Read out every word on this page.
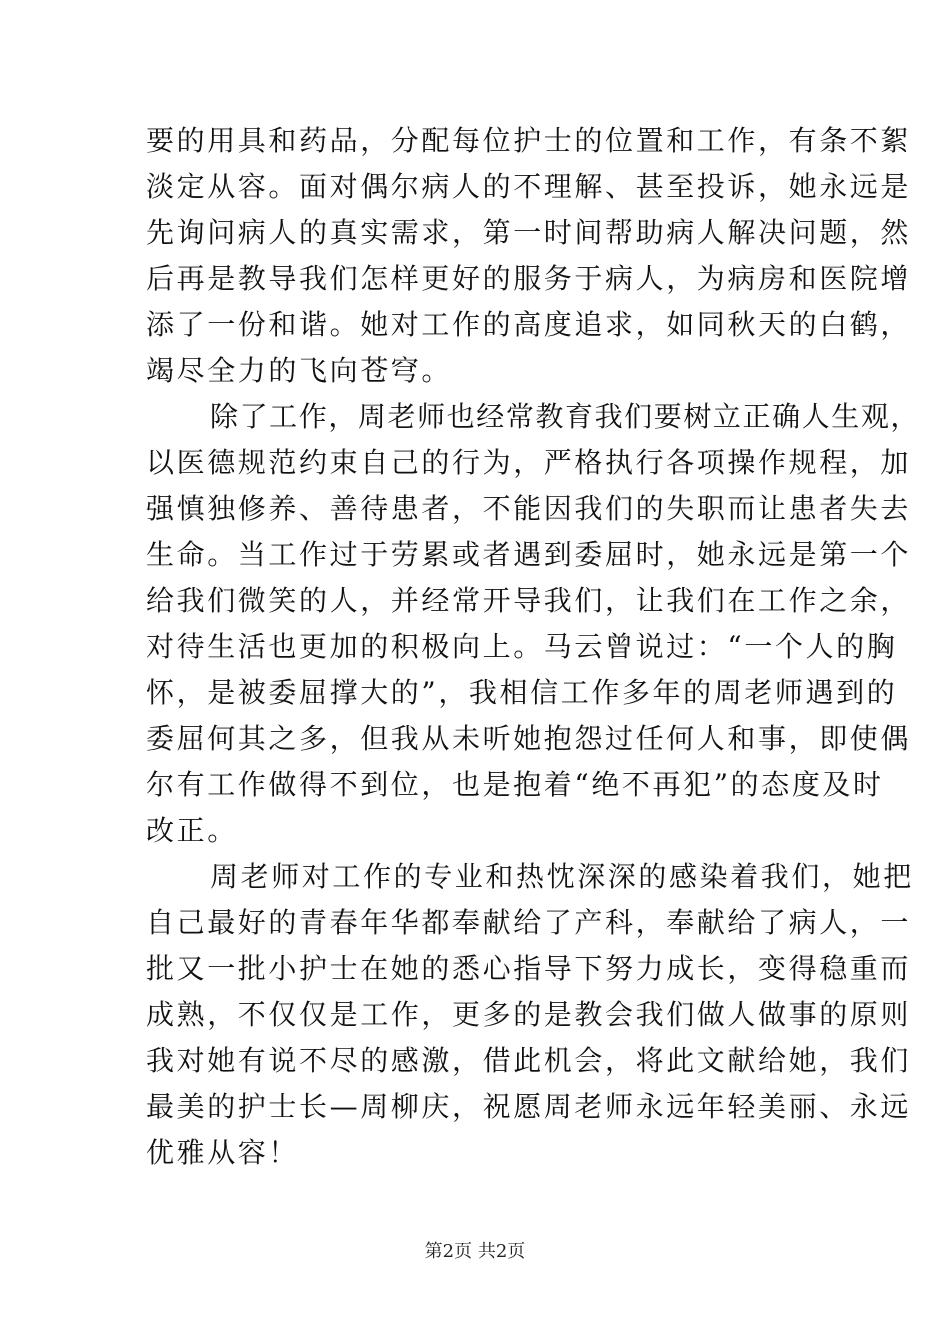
要的用具和药品，分配每位护士的位置和工作，有条不絮
淡定从容。面对偶尔病人的不理解、甚至投诉，她永远是
先询问病人的真实需求，第一时间帮助病人解决问题，然
后再是教导我们怎样更好的服务于病人，为病房和医院增
添了一份和谐。她对工作的高度追求，如同秋天的白鹤，
竭尽全力的飞向苍穹。
除了工作，周老师也经常教育我们要树立正确人生观，
以医德规范约束自己的行为，严格执行各项操作规程，加
强慎独修养、善待患者，不能因我们的失职而让患者失去
生命。当工作过于劳累或者遇到委屈时，她永远是第一个
给我们微笑的人，并经常开导我们，让我们在工作之余，
对待生活也更加的积极向上。马云曾说过：“一个人的胸
怀，是被委屈撑大的”，我相信工作多年的周老师遇到的
委屈何其之多，但我从未听她抱怨过任何人和事，即使偶
尔有工作做得不到位，也是抱着“绝不再犯”的态度及时
改正。
周老师对工作的专业和热忱深深的感染着我们，她把
自己最好的青春年华都奉献给了产科，奉献给了病人，一
批又一批小护士在她的悉心指导下努力成长，变得稳重而
成熟，不仅仅是工作，更多的是教会我们做人做事的原则
我对她有说不尽的感激，借此机会，将此文献给她，我们
最美的护士长—周柳庆，祝愿周老师永远年轻美丽、永远
优雅从容！
第2页 共2页
